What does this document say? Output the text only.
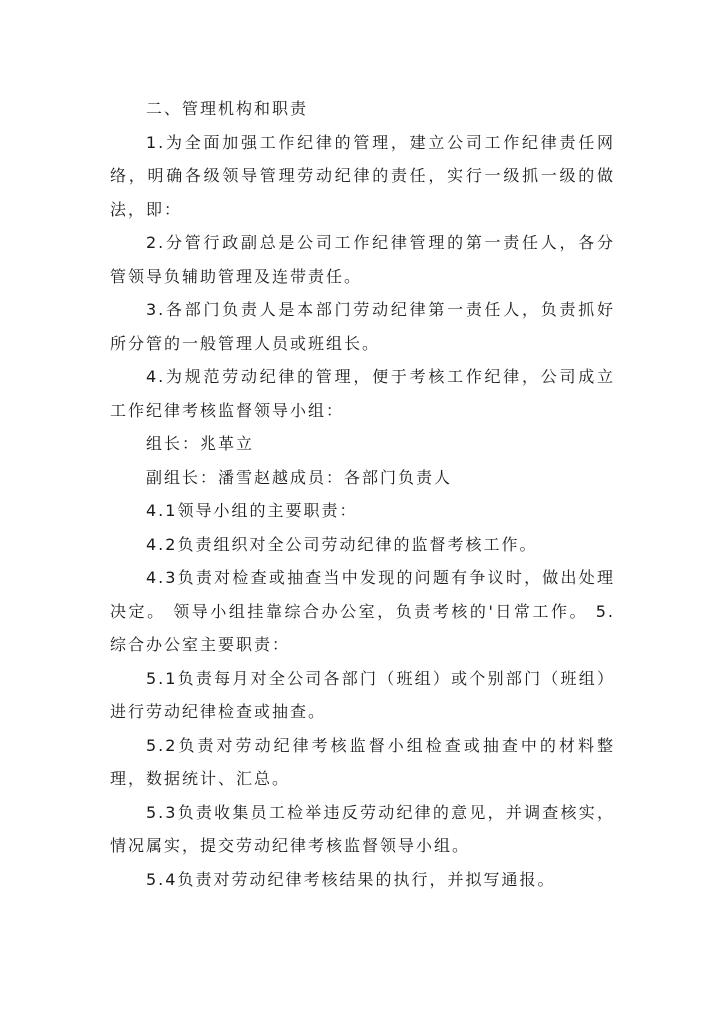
二、管理机构和职责

1.为全面加强工作纪律的管理，建立公司工作纪律责任网络，明确各级领导管理劳动纪律的责任，实行一级抓一级的做法，即：

2.分管行政副总是公司工作纪律管理的第一责任人，各分管领导负辅助管理及连带责任。

3.各部门负责人是本部门劳动纪律第一责任人，负责抓好所分管的一般管理人员或班组长。

4.为规范劳动纪律的管理，便于考核工作纪律，公司成立工作纪律考核监督领导小组：

组长：兆革立

副组长：潘雪赵越成员：各部门负责人

4.1领导小组的主要职责：

4.2负责组织对全公司劳动纪律的监督考核工作。

4.3负责对检查或抽查当中发现的问题有争议时，做出处理决定。 领导小组挂靠综合办公室，负责考核的'日常工作。 5.综合办公室主要职责：

5.1负责每月对全公司各部门（班组）或个别部门（班组）进行劳动纪律检查或抽查。

5.2负责对劳动纪律考核监督小组检查或抽查中的材料整理，数据统计、汇总。

5.3负责收集员工检举违反劳动纪律的意见，并调查核实，情况属实，提交劳动纪律考核监督领导小组。

5.4负责对劳动纪律考核结果的执行，并拟写通报。
